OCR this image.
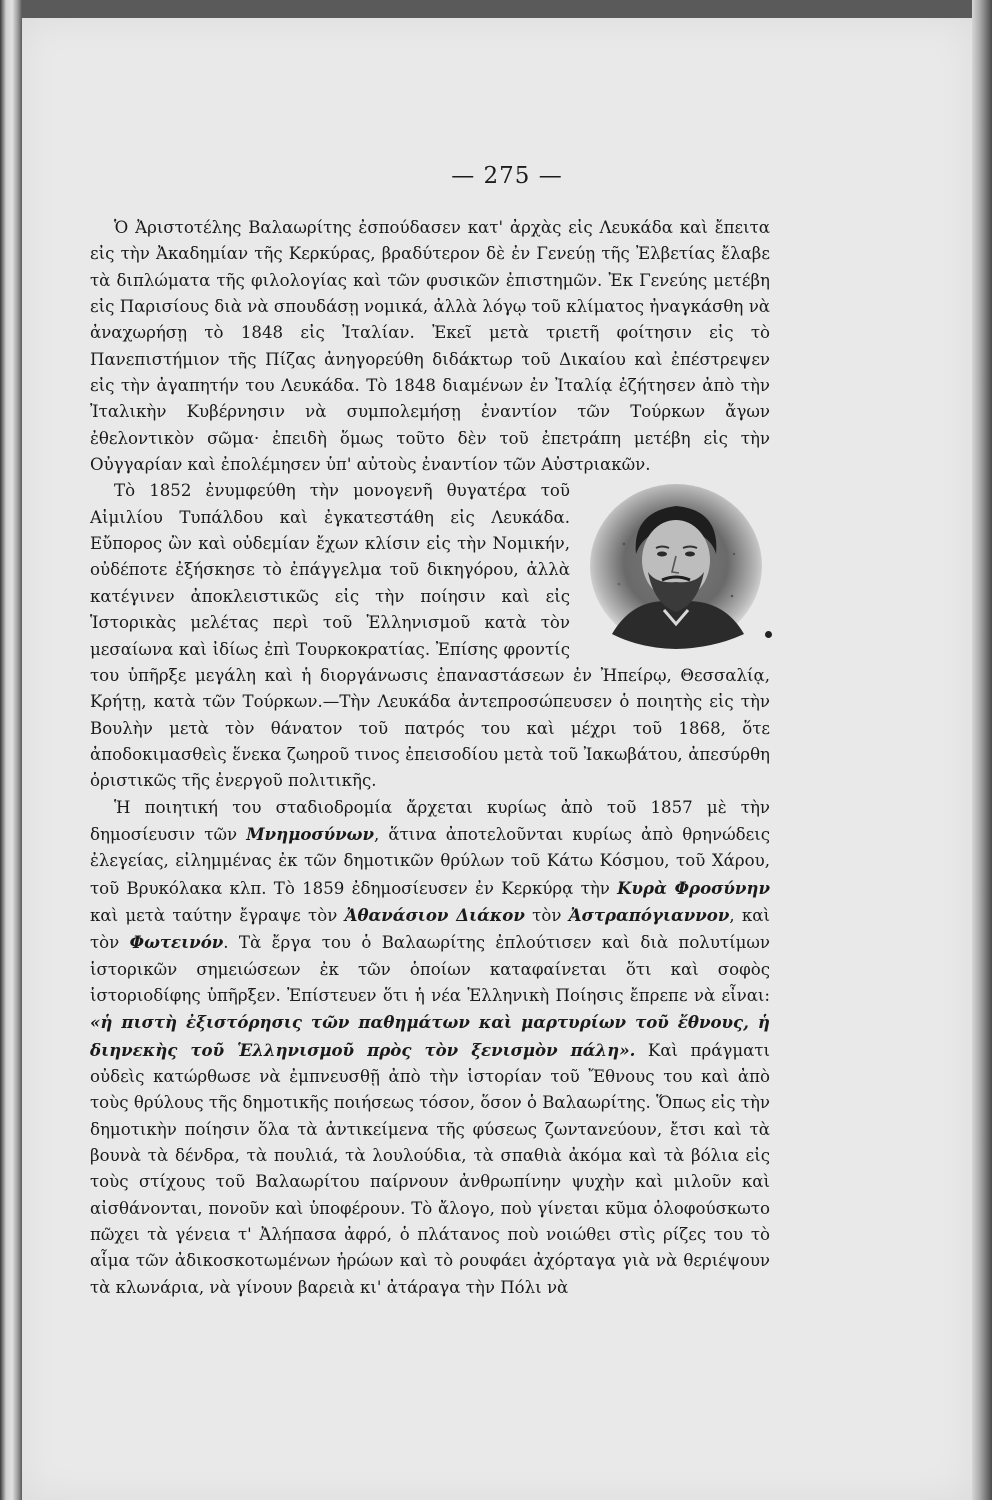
— 275 —

Ὁ Ἀριστοτέλης Βαλαωρίτης ἐσπούδασεν κατ' ἀρχὰς εἰς Λευκάδα καὶ ἔπειτα εἰς τὴν Ἀκαδημίαν τῆς Κερκύρας, βραδύτερον δὲ ἐν Γενεύῃ τῆς Ἐλβετίας ἔλαβε τὰ διπλώματα τῆς φιλολογίας καὶ τῶν φυσικῶν ἐπιστημῶν. Ἐκ Γενεύης μετέβη εἰς Παρισίους διὰ νὰ σπουδάσῃ νομικά, ἀλλὰ λόγῳ τοῦ κλίματος ἠναγκάσθη νὰ ἀναχωρήσῃ τὸ 1848 εἰς Ἰταλίαν. Ἐκεῖ μετὰ τριετῆ φοίτησιν εἰς τὸ Πανεπιστήμιον τῆς Πίζας ἀνηγορεύθη διδάκτωρ τοῦ Δικαίου καὶ ἐπέστρεψεν εἰς τὴν ἀγαπητήν του Λευκάδα. Τὸ 1848 διαμένων ἐν Ἰταλίᾳ ἐζήτησεν ἀπὸ τὴν Ἰταλικὴν Κυβέρνησιν νὰ συμπολεμήσῃ ἐναντίον τῶν Τούρκων ἄγων ἐθελοντικὸν σῶμα· ἐπειδὴ ὅμως τοῦτο δὲν τοῦ ἐπετράπη μετέβη εἰς τὴν Οὐγγαρίαν καὶ ἐπολέμησεν ὑπ' αὐτοὺς ἐναντίον τῶν Αὐστριακῶν.

Τὸ 1852 ἐνυμφεύθη τὴν μονογενῆ θυγατέρα τοῦ Αἰμιλίου Τυπάλδου καὶ ἐγκατεστάθη εἰς Λευκάδα. Εὔπορος ὢν καὶ οὐδεμίαν ἔχων κλίσιν εἰς τὴν Νομικήν, οὐδέποτε ἐξήσκησε τὸ ἐπάγγελμα τοῦ δικηγόρου, ἀλλὰ κατέγινεν ἀποκλειστικῶς εἰς τὴν ποίησιν καὶ εἰς Ἱστορικὰς μελέτας περὶ τοῦ Ἑλληνισμοῦ κατὰ τὸν μεσαίωνα καὶ ἰδίως ἐπὶ Τουρκοκρατίας. Ἐπίσης φροντίς του ὑπῆρξε μεγάλη καὶ ἡ διοργάνωσις ἐπαναστάσεων ἐν Ἠπείρῳ, Θεσσαλίᾳ, Κρήτῃ, κατὰ τῶν Τούρκων.—Τὴν Λευκάδα ἀντεπροσώπευσεν ὁ ποιητὴς εἰς τὴν Βουλὴν μετὰ τὸν θάνατον τοῦ πατρός του καὶ μέχρι τοῦ 1868, ὅτε ἀποδοκιμασθεὶς ἕνεκα ζωηροῦ τινος ἐπεισοδίου μετὰ τοῦ Ἰακωβάτου, ἀπεσύρθη ὁριστικῶς τῆς ἐνεργοῦ πολιτικῆς.

Ἡ ποιητική του σταδιοδρομία ἄρχεται κυρίως ἀπὸ τοῦ 1857 μὲ τὴν δημοσίευσιν τῶν Μνημοσύνων, ἅτινα ἀποτελοῦνται κυρίως ἀπὸ θρηνώδεις ἐλεγείας, εἰλημμένας ἐκ τῶν δημοτικῶν θρύλων τοῦ Κάτω Κόσμου, τοῦ Χάρου, τοῦ Βρυκόλακα κλπ. Τὸ 1859 ἐδημοσίευσεν ἐν Κερκύρᾳ τὴν Κυρὰ Φροσύνην καὶ μετὰ ταύτην ἔγραψε τὸν Ἀθανάσιον Διάκον τὸν Ἀστραπόγιαννον, καὶ τὸν Φωτεινόν. Τὰ ἔργα του ὁ Βαλαωρίτης ἐπλούτισεν καὶ διὰ πολυτίμων ἱστορικῶν σημειώσεων ἐκ τῶν ὁποίων καταφαίνεται ὅτι καὶ σοφὸς ἱστοριοδίφης ὑπῆρξεν. Ἐπίστευεν ὅτι ἡ νέα Ἑλληνικὴ Ποίησις ἔπρεπε νὰ εἶναι: «ἡ πιστὴ ἐξιστόρησις τῶν παθημάτων καὶ μαρτυρίων τοῦ ἔθνους, ἡ διηνεκὴς τοῦ Ἑλληνισμοῦ πρὸς τὸν ξενισμὸν πάλη». Καὶ πράγματι οὐδεὶς κατώρθωσε νὰ ἐμπνευσθῇ ἀπὸ τὴν ἱστορίαν τοῦ Ἔθνους του καὶ ἀπὸ τοὺς θρύλους τῆς δημοτικῆς ποιήσεως τόσον, ὅσον ὁ Βαλαωρίτης. Ὅπως εἰς τὴν δημοτικὴν ποίησιν ὅλα τὰ ἀντικείμενα τῆς φύσεως ζωντανεύουν, ἔτσι καὶ τὰ βουνὰ τὰ δένδρα, τὰ πουλιά, τὰ λουλούδια, τὰ σπαθιὰ ἀκόμα καὶ τὰ βόλια εἰς τοὺς στίχους τοῦ Βαλαωρίτου παίρνουν ἀνθρωπίνην ψυχὴν καὶ μιλοῦν καὶ αἰσθάνονται, πονοῦν καὶ ὑποφέρουν. Τὸ ἄλογο, ποὺ γίνεται κῦμα ὁλοφούσκωτο πῶχει τὰ γένεια τ' Ἀλήπασα ἀφρό, ὁ πλάτανος ποὺ νοιώθει στὶς ρίζες του τὸ αἷμα τῶν ἀδικοσκοτωμένων ἡρώων καὶ τὸ ρουφάει ἀχόρταγα γιὰ νὰ θεριέψουν τὰ κλωνάρια, νὰ γίνουν βαρειὰ κι' ἀτάραγα τὴν Πόλι νὰ
